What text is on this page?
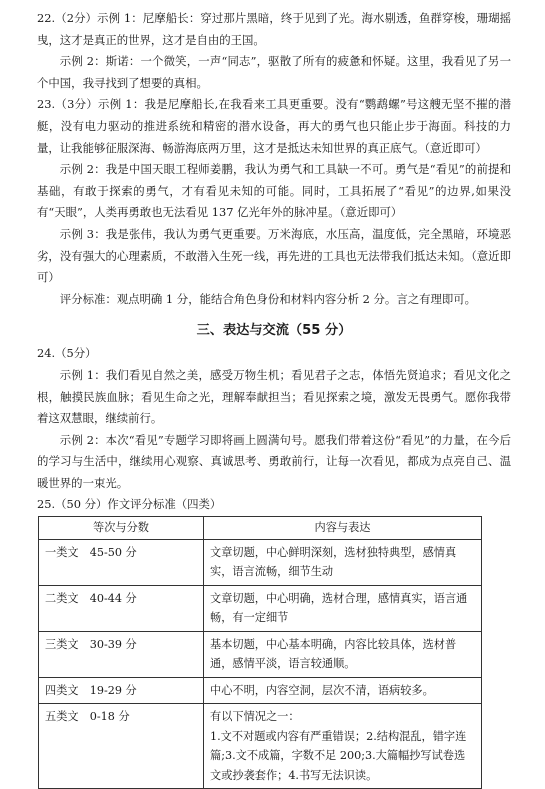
22.（2分）示例 1：尼摩船长：穿过那片黑暗，终于见到了光。海水剔透，鱼群穿梭，珊瑚摇曳，这才是真正的世界，这才是自由的王国。

示例 2：斯诺：一个微笑，一声“同志”，驱散了所有的疲惫和怀疑。这里，我看见了另一个中国，我寻找到了想要的真相。

23.（3分）示例 1：我是尼摩船长,在我看来工具更重要。没有“鹦鹉螺”号这艘无坚不摧的潜艇，没有电力驱动的推进系统和精密的潜水设备，再大的勇气也只能止步于海面。科技的力量，让我能够征服深海、畅游海底两万里，这才是抵达未知世界的真正底气。（意近即可）

示例 2：我是中国天眼工程师姜鹏，我认为勇气和工具缺一不可。勇气是“看见”的前提和基础，有敢于探索的勇气，才有看见未知的可能。同时，工具拓展了“看见”的边界,如果没有“天眼”，人类再勇敢也无法看见 137 亿光年外的脉冲星。（意近即可）

示例 3：我是张伟，我认为勇气更重要。万米海底，水压高，温度低，完全黑暗，环境恶劣，没有强大的心理素质，不敢潜入生死一线，再先进的工具也无法带我们抵达未知。（意近即可）

评分标准：观点明确 1 分，能结合角色身份和材料内容分析 2 分。言之有理即可。

三、表达与交流（55 分）

24.（5分）

示例 1：我们看见自然之美，感受万物生机；看见君子之志，体悟先贤追求；看见文化之根，触摸民族血脉；看见生命之光，理解奉献担当；看见探索之境，激发无畏勇气。愿你我带着这双慧眼，继续前行。

示例 2：本次“看见”专题学习即将画上圆满句号。愿我们带着这份“看见”的力量，在今后的学习与生活中，继续用心观察、真诚思考、勇敢前行，让每一次看见，都成为点亮自己、温暖世界的一束光。

25.（50 分）作文评分标准（四类）

等次与分数	内容与表达
一类文　45-50 分	文章切题，中心鲜明深刻，选材独特典型，感情真实，语言流畅，细节生动

二类文　40-44 分	文章切题，中心明确，选材合理，感情真实，语言通畅，有一定细节

三类文　30-39 分	基本切题，中心基本明确，内容比较具体，选材普通，感情平淡，语言较通顺。

四类文　19-29 分	中心不明，内容空洞，层次不清，语病较多。

五类文　0-18 分	有以下情况之一：
1.文不对题或内容有严重错误；2.结构混乱，错字连篇;3.文不成篇，字数不足 200;3.大篇幅抄写试卷选文或抄袭套作；4.书写无法识读。
